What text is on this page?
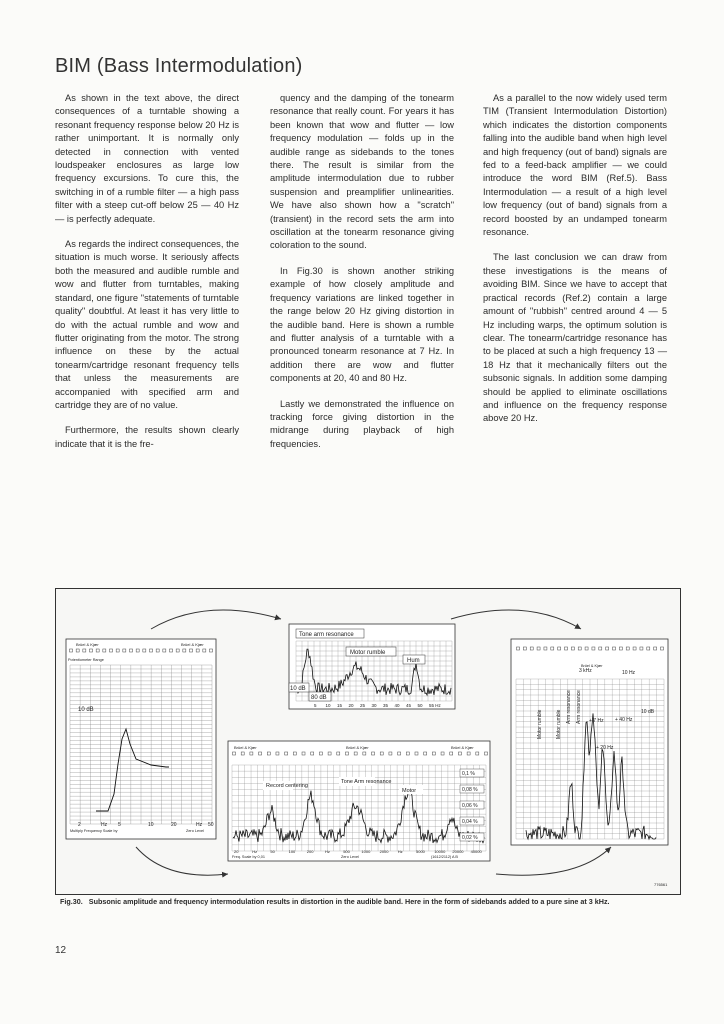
BIM (Bass Intermodulation)

As shown in the text above, the direct consequences of a turntable showing a resonant frequency response below 20 Hz is rather unimportant. It is normally only detected in connection with vented loudspeaker enclosures as large low frequency excursions. To cure this, the switching in of a rumble filter — a high pass filter with a steep cut-off below 25 — 40 Hz — is perfectly adequate.

As regards the indirect consequences, the situation is much worse. It seriously affects both the measured and audible rumble and wow and flutter from turntables, making standard, one figure "statements of turntable quality" doubtful. At least it has very little to do with the actual rumble and wow and flutter originating from the motor. The strong influence on these by the actual tonearm/cartridge resonant frequency tells that unless the measurements are accompanied with specified arm and cartridge they are of no value.

Furthermore, the results shown clearly indicate that it is the fre-

quency and the damping of the tonearm resonance that really count. For years it has been known that wow and flutter — low frequency modulation — folds up in the audible range as sidebands to the tones there. The result is similar from the amplitude intermodulation due to rubber suspension and preamplifier unlinearities. We have also shown how a "scratch" (transient) in the record sets the arm into oscillation at the tonearm resonance giving coloration to the sound.

In Fig.30 is shown another striking example of how closely amplitude and frequency variations are linked together in the range below 20 Hz giving distortion in the audible band. Here is shown a rumble and flutter analysis of a turntable with a pronounced tonearm resonance at 7 Hz. In addition there are wow and flutter components at 20, 40 and 80 Hz.

Lastly we demonstrated the influence on tracking force giving distortion in the midrange during playback of high frequencies.

As a parallel to the now widely used term TIM (Transient Intermodulation Distortion) which indicates the distortion components falling into the audible band when high level and high frequency (out of band) signals are fed to a feed-back amplifier — we could introduce the word BIM (Ref.5). Bass Intermodulation — a result of a high level low frequency (out of band) signals from a record boosted by an undamped tonearm resonance.

The last conclusion we can draw from these investigations is the means of avoiding BIM. Since we have to accept that practical records (Ref.2) contain a large amount of "rubbish" centred around 4 — 5 Hz including warps, the optimum solution is clear. The tonearm/cartridge resonance has to be placed at such a high frequency 13 — 18 Hz that it mechanically filters out the subsonic signals. In addition some damping should be applied to eliminate oscillations and influence on the frequency response above 20 Hz.

Brüel & Kjær	Brüel & Kjær
Potentiometer Range
10 dB
2	Hz 5	10	20	Hz 50
Multiply Frequency Scale by	Zero Level
Tone arm resonance
Motor rumble
Hum
10 dB
80 dB
5 10 15 20 25 30 35 40 45 50 55 Hz
Brüel & Kjær	Brüel & Kjær	Brüel & Kjær
Record centering
Tone Arm resonance
Motor
0,1 %
0,08 %
0,06 %
0,04 %
0,02 %
20	Hz	50	100	200	Hz	500	1000 2000 Hz	5000 10000 20000 40000
Freq. Scale by 0,01	Zero Level	(1612/2112) A B
Brüel & Kjær
3 kHz	10 Hz
10 dB
+ 7 Hz + 40 Hz
+ 20 Hz
Motor rumble	Motor rumble
Arm resonance Arm resonance
776561
Fig.30. Subsonic amplitude and frequency intermodulation results in distortion in the audible band. Here in the form of sidebands added to a pure sine at 3 kHz.
12
